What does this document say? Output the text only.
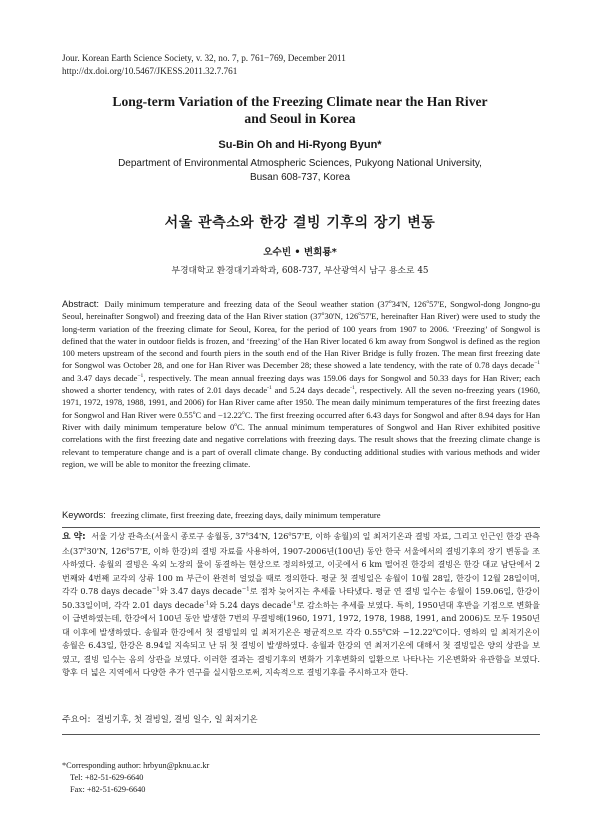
Jour. Korean Earth Science Society, v. 32, no. 7, p. 761−769, December 2011
http://dx.doi.org/10.5467/JKESS.2011.32.7.761
Long-term Variation of the Freezing Climate near the Han River
and Seoul in Korea
Su-Bin Oh and Hi-Ryong Byun*
Department of Environmental Atmospheric Sciences, Pukyong National University,
Busan 608-737, Korea
서울 관측소와 한강 결빙 기후의 장기 변동
오수빈 • 변희룡*
부경대학교 환경대기과학과, 608-737, 부산광역시 남구 용소로 45
Abstract: Daily minimum temperature and freezing data of the Seoul weather station (37$^o$34'N, 126$^o$57'E, Songwol-dong Jongno-gu Seoul, hereinafter Songwol) and freezing data of the Han River station (37$^o$30'N, 126$^o$57'E, hereinafter Han River) were used to study the long-term variation of the freezing climate for Seoul, Korea, for the period of 100 years from 1907 to 2006. ‘Freezing’ of Songwol is defined that the water in outdoor fields is frozen, and ‘freezing’ of the Han River located 6 km away from Songwol is defined as the region 100 meters upstream of the second and fourth piers in the south end of the Han River Bridge is fully frozen. The mean first freezing date for Songwol was October 28, and one for Han River was December 28; these showed a late tendency, with the rate of 0.78 days decade$^{-1}$ and 3.47 days decade$^{-1}$, respectively. The mean annual freezing days was 159.06 days for Songwol and 50.33 days for Han River; each showed a shorter tendency, with rates of 2.01 days decade$^{-1}$ and 5.24 days decade$^{-1}$, respectively. All the seven no-freezing years (1960, 1971, 1972, 1978, 1988, 1991, and 2006) for Han River came after 1950. The mean daily minimum temperatures of the first freezing dates for Songwol and Han River were 0.55$^o$C and $-12.22^oC$. The first freezing occurred after 6.43 days for Songwol and after 8.94 days for Han River with daily minimum temperature below 0$^o$C. The annual minimum temperatures of Songwol and Han River exhibited positive correlations with the first freezing date and negative correlations with freezing days. The result shows that the freezing climate change is relevant to temperature change and is a part of overall climate change. By conducting additional studies with various methods and wider region, we will be able to monitor the freezing climate.
Keywords: freezing climate, first freezing date, freezing days, daily minimum temperature
요 약: 서울 기상 관측소(서울시 종로구 송월동, 37$^o$34'N, 126$^o$57'E, 이하 송월)의 일 최저기온과 결빙 자료, 그리고 인근인 한강 관측소(37$^o$30'N, 126$^o$57'E, 이하 한강)의 결빙 자료를 사용하여, 1907-2006년(100년) 동안 한국 서울에서의 결빙기후의 장기 변동을 조사하였다. 송월의 결빙은 옥외 노장의 물이 동결하는 현상으로 정의하였고, 이곳에서 6 km 떨어진 한강의 결빙은 한강 대교 남단에서 2번째와 4번째 교각의 상류 100 m 부근이 완전히 얼었을 때로 정의한다. 평균 첫 결빙일은 송월이 10월 28일, 한강이 12월 28일이며, 각각 0.78 days decade$^{-1}$와 3.47 days decade$^{-1}$로 점차 늦어지는 추세를 나타냈다. 평균 연 결빙 일수는 송월이 159.06일, 한강이 50.33일이며, 각각 2.01 days decade$^{-1}$와 5.24 days decade$^{-1}$로 감소하는 추세를 보였다. 특히, 1950년대 후반을 기점으로 변화율이 급변하였는데, 한강에서 100년 동안 발생한 7번의 무결빙해(1960, 1971, 1972, 1978, 1988, 1991, and 2006)도 모두 1950년대 이후에 발생하였다. 송월과 한강에서 첫 결빙일의 일 최저기온은 평균적으로 각각 0.55$^o$C와 $-12.22^oC$이다. 영하의 일 최저기온이 송월은 6.43일, 한강은 8.94일 지속되고 난 뒤 첫 결빙이 발생하였다. 송월과 한강의 연 최저기온에 대해서 첫 결빙일은 양의 상관을 보였고, 결빙 일수는 음의 상관을 보였다. 이러한 결과는 결빙기후의 변화가 기후변화의 일환으로 나타나는 기온변화와 유관함을 보였다. 향후 더 넓은 지역에서 다양한 추가 연구를 실시함으로써, 지속적으로 결빙기후를 주시하고자 한다.
주요어: 결빙기후, 첫 결빙일, 결빙 일수, 일 최저기온
*Corresponding author: hrbyun@pknu.ac.kr
Tel: +82-51-629-6640
Fax: +82-51-629-6640
